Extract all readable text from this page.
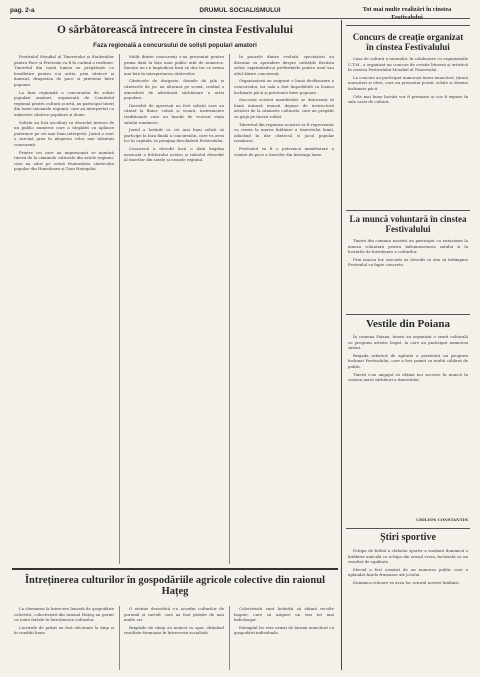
pag. 2-a	DRUMUL SOCIALISMULUI
O sărbătorească întrecere în cinstea Festivalului
Faza regională a concursului de soliști populari amatori

Festivalul Mondial al Tineretului și Studenților pentru Pace și Prietenie va fi în curând o realitate. Tineretul din toată lumea se pregătește cu însuflețire pentru a-și arăta, prin cântece și dansuri, dragostea de pace și prietenie între popoare.

La faza regională a concursului de soliști populari amatori, organizată de Comitetul regional pentru cultură și artă, au participat tineri din toate raioanele regiunii, care au interpretat cu măiestrie cântece populare și doine.

Soliștii au fost ascultați cu deosebit interes de un public numeros care a răsplătit cu aplauze puternice pe cei mai buni interpreți. Juriul a avut o sarcină grea în alegerea celor mai talentați concurenți.

Printre cei care au impresionat se numără tinerii de la căminele culturale din satele regiunii, care au adus pe scenă frumusețea cântecului popular din Hunedoara și Țara Hațegului.

Mulți dintre concurenți s-au prezentat pentru prima dată în fața unui public atât de numeros. Emoția nu i-a împiedicat însă să dea tot ce aveau mai bun în interpretarea cântecelor.

Cântecele de dragoste, doinele de jale și cântecele de joc au alternat pe scenă, creând o atmosferă de adevărată sărbătoare a artei populare.

Deosebit de apreciați au fost soliștii care au cântat la fluier, cobză și vioară, instrumente tradiționale care au însoțit de veacuri viața satului românesc.

Juriul a hotărât ca cei mai buni soliști să participe la faza finală a concursului, care va avea loc în capitală, în preajma deschiderii Festivalului.

Concursul a dovedit încă o dată bogăția nesecată a folclorului nostru și talentul deosebit al tinerilor din satele și orașele regiunii.

În pauzele dintre evoluții, spectatorii au discutat cu aprindere despre calitățile fiecărui solist, exprimându-și preferințele pentru unul sau altul dintre concurenți.

Organizatorii au asigurat o bună desfășurare a concursului, iar sala a fost împodobită cu lozinci închinate păcii și prieteniei între popoare.

Succesul acestei manifestări se datorează în bună măsură muncii depuse de instructorii artistici de la căminele culturale, care au pregătit cu grijă pe tinerii soliști.

Tineretul din regiunea noastră va fi reprezentat cu cinste la marea întâlnire a tineretului lumii, aducând în dar cântecul și jocul popular românesc.

Festivalul va fi o puternică manifestare a voinței de pace a tinerilor din întreaga lume.

Tot mai multe realizări în cinstea Festivalului
Concurs de creație organizat în cinstea Festivalului

Casa de cultură a raionului, în colaborare cu organizațiile U.T.M., a organizat un concurs de creație literară și artistică în cinstea Festivalului Mondial al Tineretului.

La concurs au participat numeroși tineri muncitori, țărani muncitori și elevi, care au prezentat poezii, schițe și desene închinate păcii.

Cele mai bune lucrări vor fi premiate și vor fi expuse în sala casei de cultură.

La muncă voluntară în cinstea Festivalului

Tinerii din comuna noastră au participat cu entuziasm la munca voluntară pentru înfrumusețarea satului și la lucrările de întreținere a culturilor.

Prin munca lor, uteciștii au dovedit că știu să întâmpine Festivalul cu fapte concrete.

Vestile din Poiana

În comuna Poiana, tinerii au organizat o seară culturală cu program artistic bogat, la care au participat numeroși săteni.

Brigada artistică de agitație a prezentat un program închinat Festivalului, care a fost primit cu multă căldură de public.

Tinerii s-au angajat să obțină noi succese în muncă în cinstea marii sărbători a tineretului.

CHILION CONSTANTIN
Știri sportive

Echipa de fotbal a clubului sportiv a susținut duminică o întâlnire amicală cu echipa din orașul vecin, încheiată cu un rezultat de egalitate.

Meciul a fost urmărit de un numeros public care a aplaudat fazele frumoase ale jocului.

Duminica viitoare va avea loc returul acestei întâlniri.

Întreținerea culturilor în gospodăriile agricole colective din raionul Hațeg

La chemarea la întrecere lansată de gospodăria colectivă, colectiviștii din raionul Hațeg au pornit cu toate forțele la întreținerea culturilor.

Lucrările de prășit au fost efectuate la timp și în condiții bune.

O atenție deosebită s-a acordat culturilor de porumb și cartofi, care au fost prășite de mai multe ori.

Brigăzile de câmp au muncit cu spor, obținând rezultate frumoase în întrecerea socialistă.

Colectiviștii sunt hotărâți să obțină recolte bogate, care să asigure un trai tot mai îmbelșugat.

Exemplul lor este urmat de țăranii muncitori cu gospodării individuale.
